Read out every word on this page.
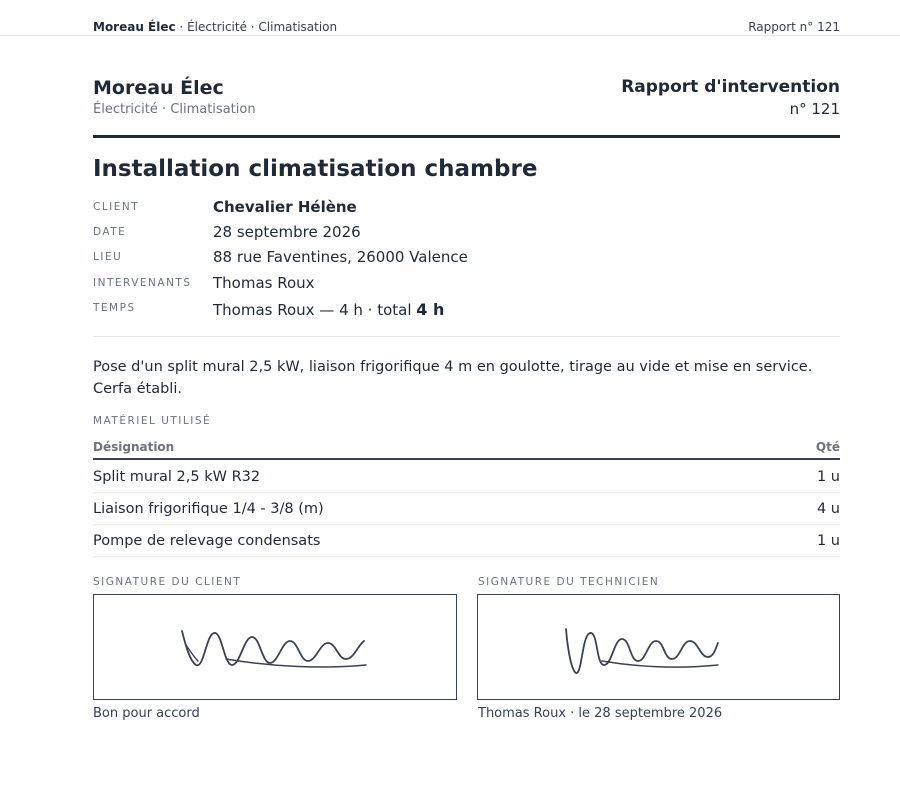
Moreau Élec · Électricité · Climatisation	Rapport n° 121
Moreau Élec
Électricité · Climatisation
Rapport d'intervention
n° 121
Installation climatisation chambre
CLIENT	Chevalier Hélène
DATE	28 septembre 2026
LIEU	88 rue Faventines, 26000 Valence
INTERVENANTS Thomas Roux
TEMPS	Thomas Roux — 4 h · total 4 h
Pose d'un split mural 2,5 kW, liaison frigorifique 4 m en goulotte, tirage au vide et mise en service. Cerfa établi.
MATÉRIEL UTILISÉ
Désignation	Qté
Split mural 2,5 kW R32	1 u
Liaison frigorifique 1/4 - 3/8 (m)	4 u
Pompe de relevage condensats	1 u
SIGNATURE DU CLIENT	SIGNATURE DU TECHNICIEN
Bon pour accord	Thomas Roux · le 28 septembre 2026
